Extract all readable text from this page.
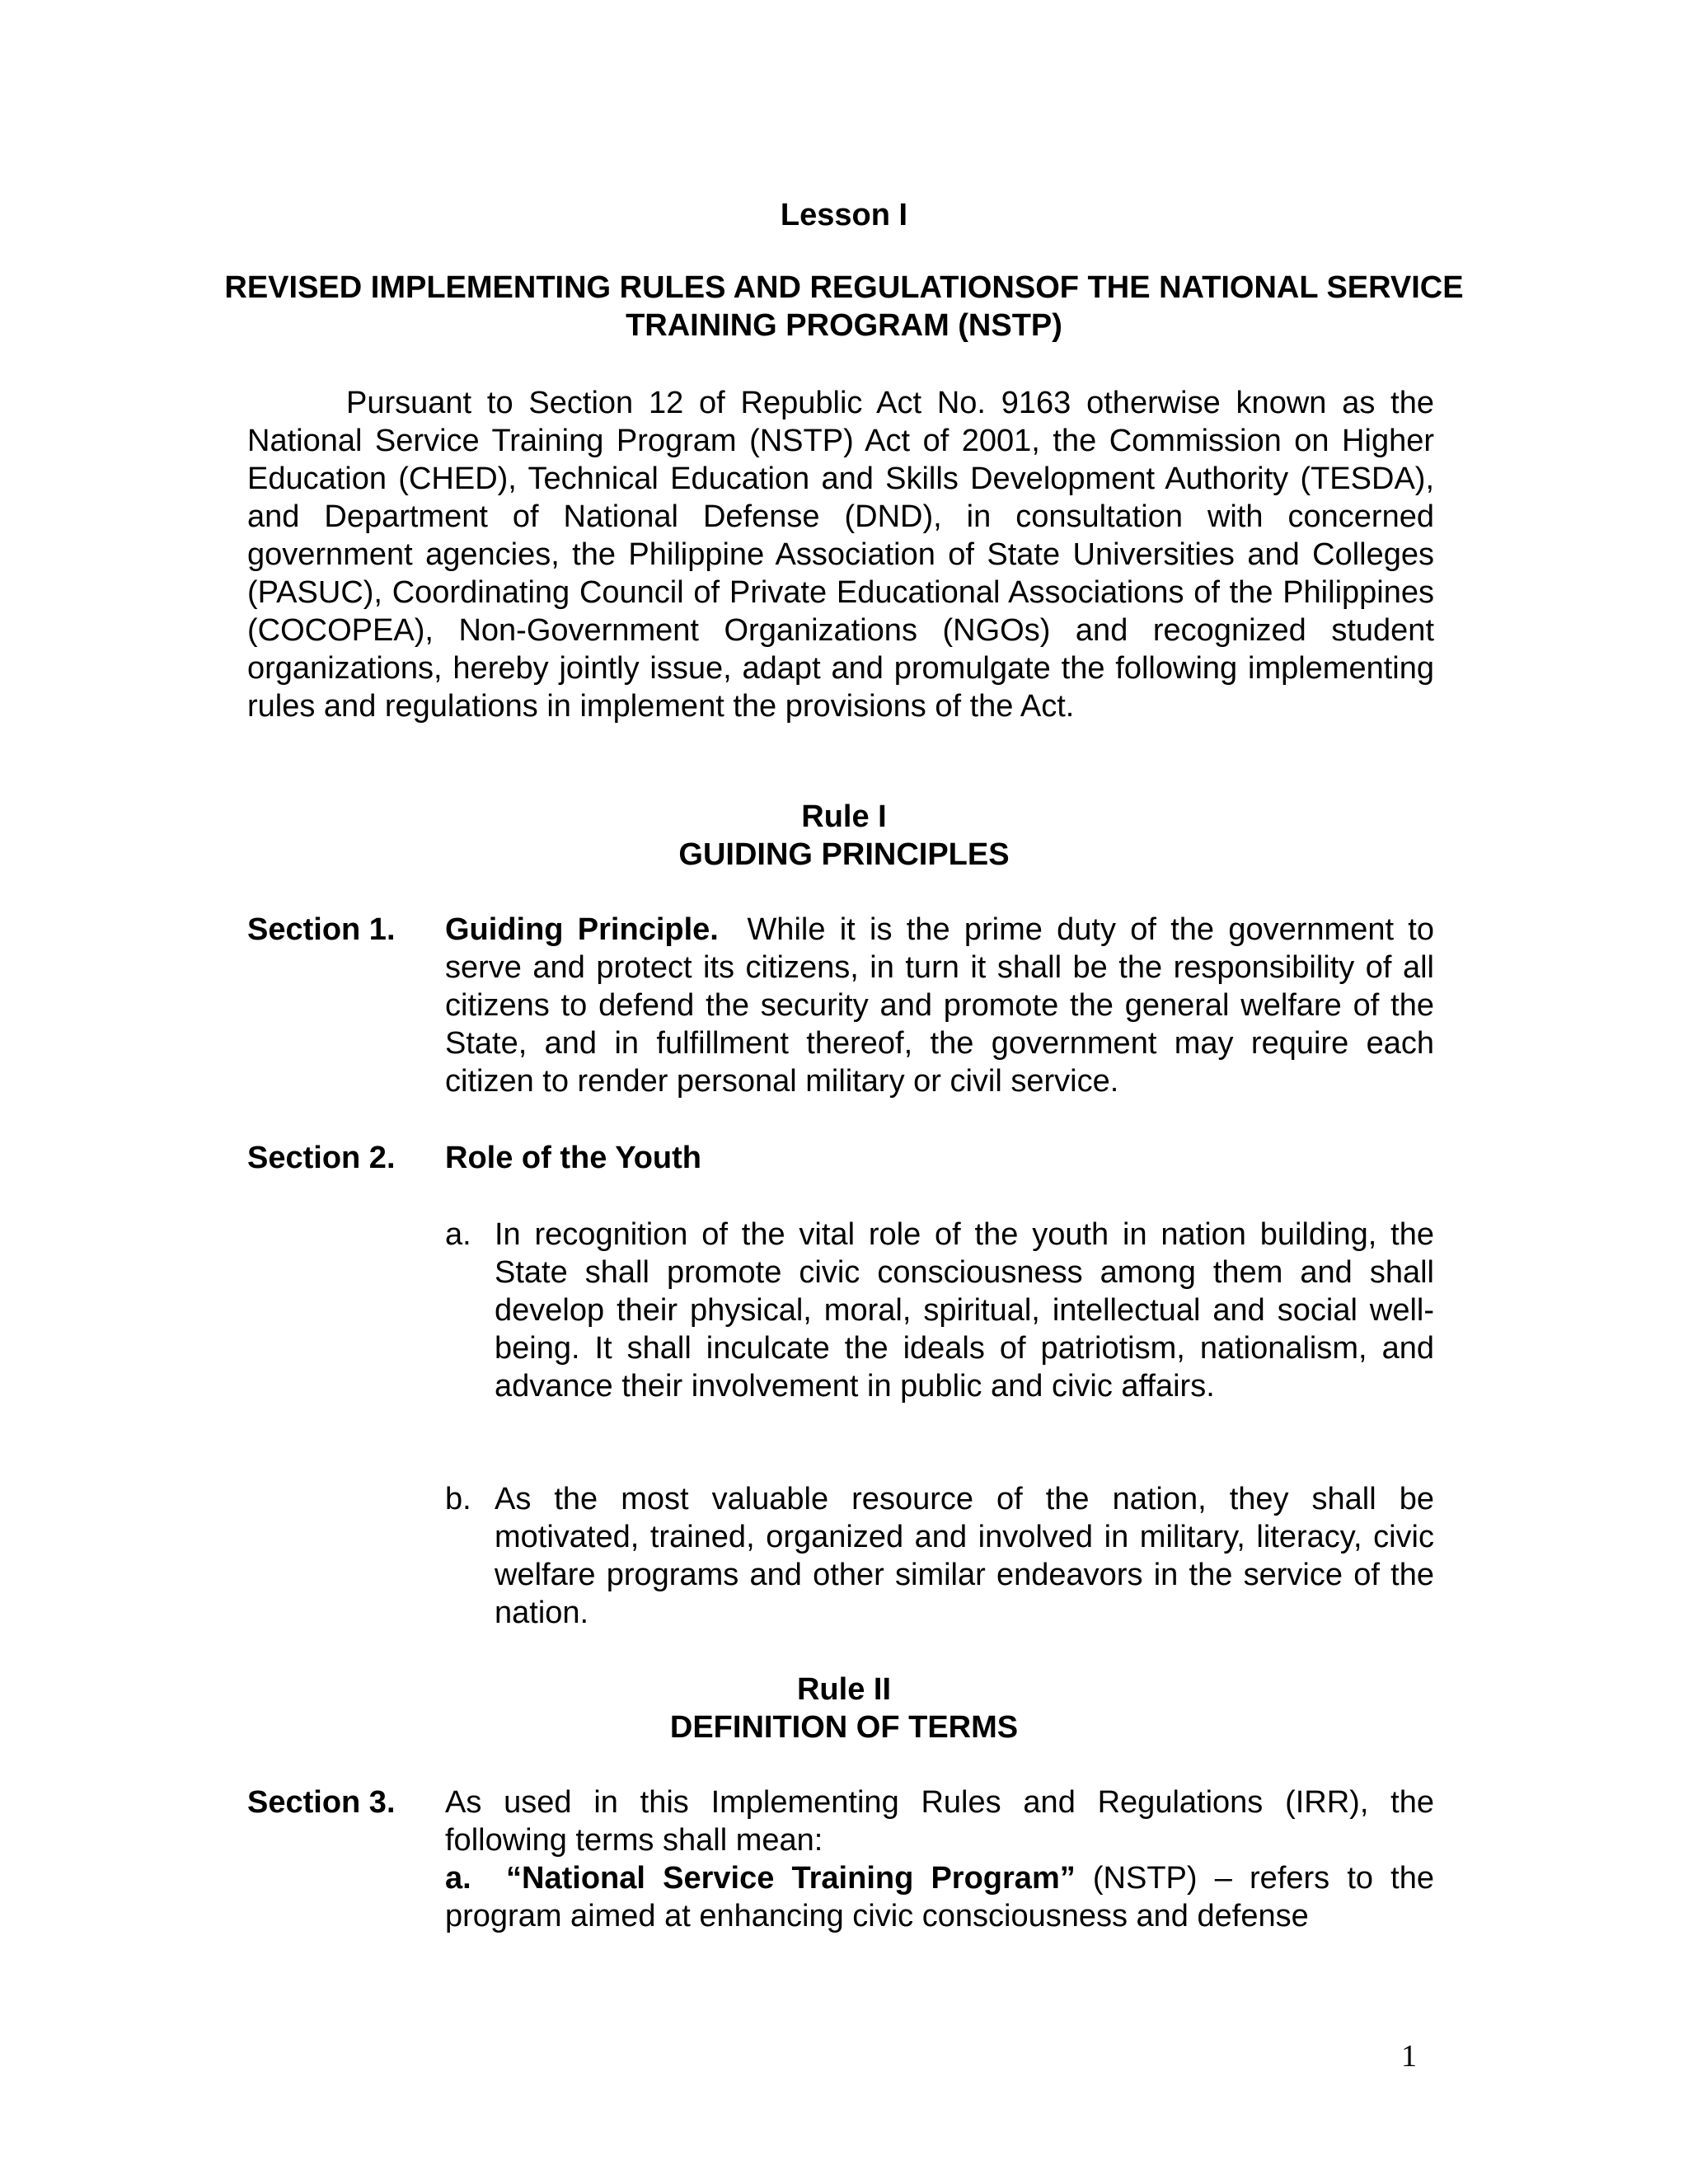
Lesson I
REVISED IMPLEMENTING RULES AND REGULATIONSOF THE NATIONAL SERVICE TRAINING PROGRAM (NSTP)

Pursuant to Section 12 of Republic Act No. 9163 otherwise known as the National Service Training Program (NSTP) Act of 2001, the Commission on Higher Education (CHED), Technical Education and Skills Development Authority (TESDA), and Department of National Defense (DND), in consultation with concerned government agencies, the Philippine Association of State Universities and Colleges (PASUC), Coordinating Council of Private Educational Associations of the Philippines (COCOPEA), Non-Government Organizations (NGOs) and recognized student organizations, hereby jointly issue, adapt and promulgate the following implementing rules and regulations in implement the provisions of the Act.

Rule I
GUIDING PRINCIPLES
Section 1. Guiding Principle. While it is the prime duty of the government to serve and protect its citizens, in turn it shall be the responsibility of all citizens to defend the security and promote the general welfare of the State, and in fulfillment thereof, the government may require each citizen to render personal military or civil service.

Section 2. Role of the Youth
a. In recognition of the vital role of the youth in nation building, the State shall promote civic consciousness among them and shall develop their physical, moral, spiritual, intellectual and social well-being. It shall inculcate the ideals of patriotism, nationalism, and advance their involvement in public and civic affairs.
b. As the most valuable resource of the nation, they shall be motivated, trained, organized and involved in military, literacy, civic welfare programs and other similar endeavors in the service of the nation.
Rule II
DEFINITION OF TERMS
Section 3. As used in this Implementing Rules and Regulations (IRR), the following terms shall mean:
a. “National Service Training Program” (NSTP) – refers to the program aimed at enhancing civic consciousness and defense
1
